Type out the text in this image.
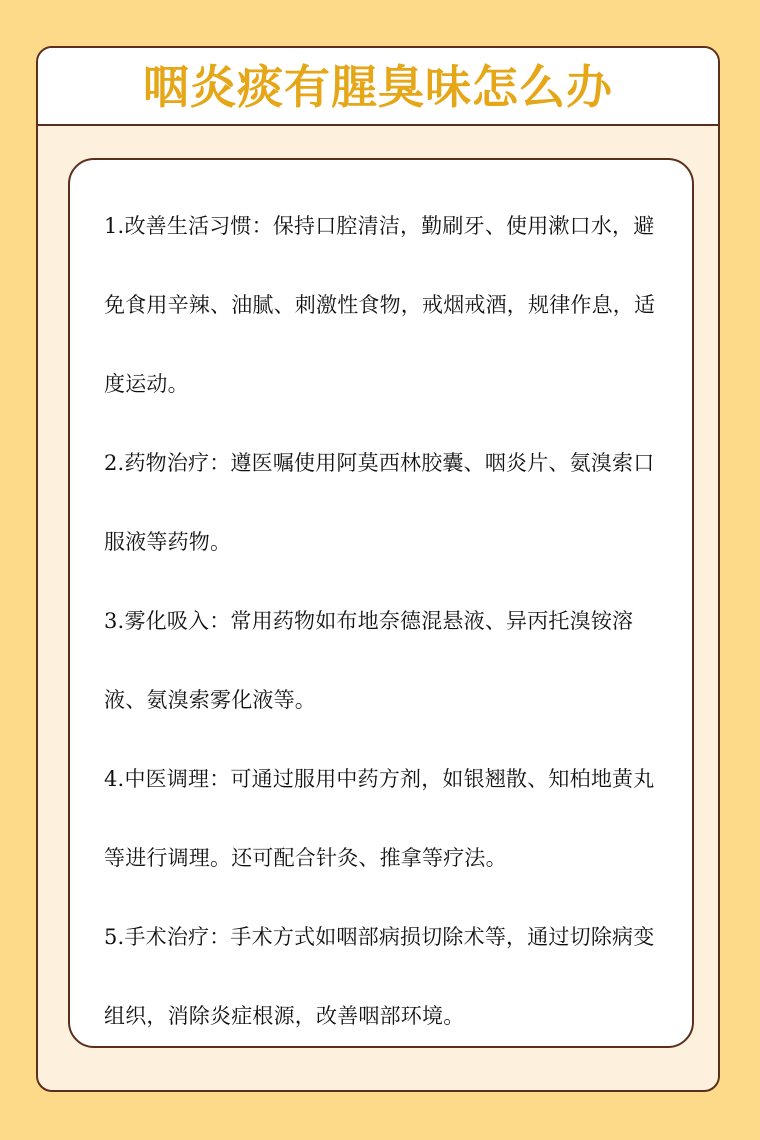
咽炎痰有腥臭味怎么办

1.改善生活习惯：保持口腔清洁，勤刷牙、使用漱口水，避免食用辛辣、油腻、刺激性食物，戒烟戒酒，规律作息，适度运动。

2.药物治疗：遵医嘱使用阿莫西林胶囊、咽炎片、氨溴索口服液等药物。

3.雾化吸入：常用药物如布地奈德混悬液、异丙托溴铵溶液、氨溴索雾化液等。

4.中医调理：可通过服用中药方剂，如银翘散、知柏地黄丸等进行调理。还可配合针灸、推拿等疗法。

5.手术治疗：手术方式如咽部病损切除术等，通过切除病变组织，消除炎症根源，改善咽部环境。
